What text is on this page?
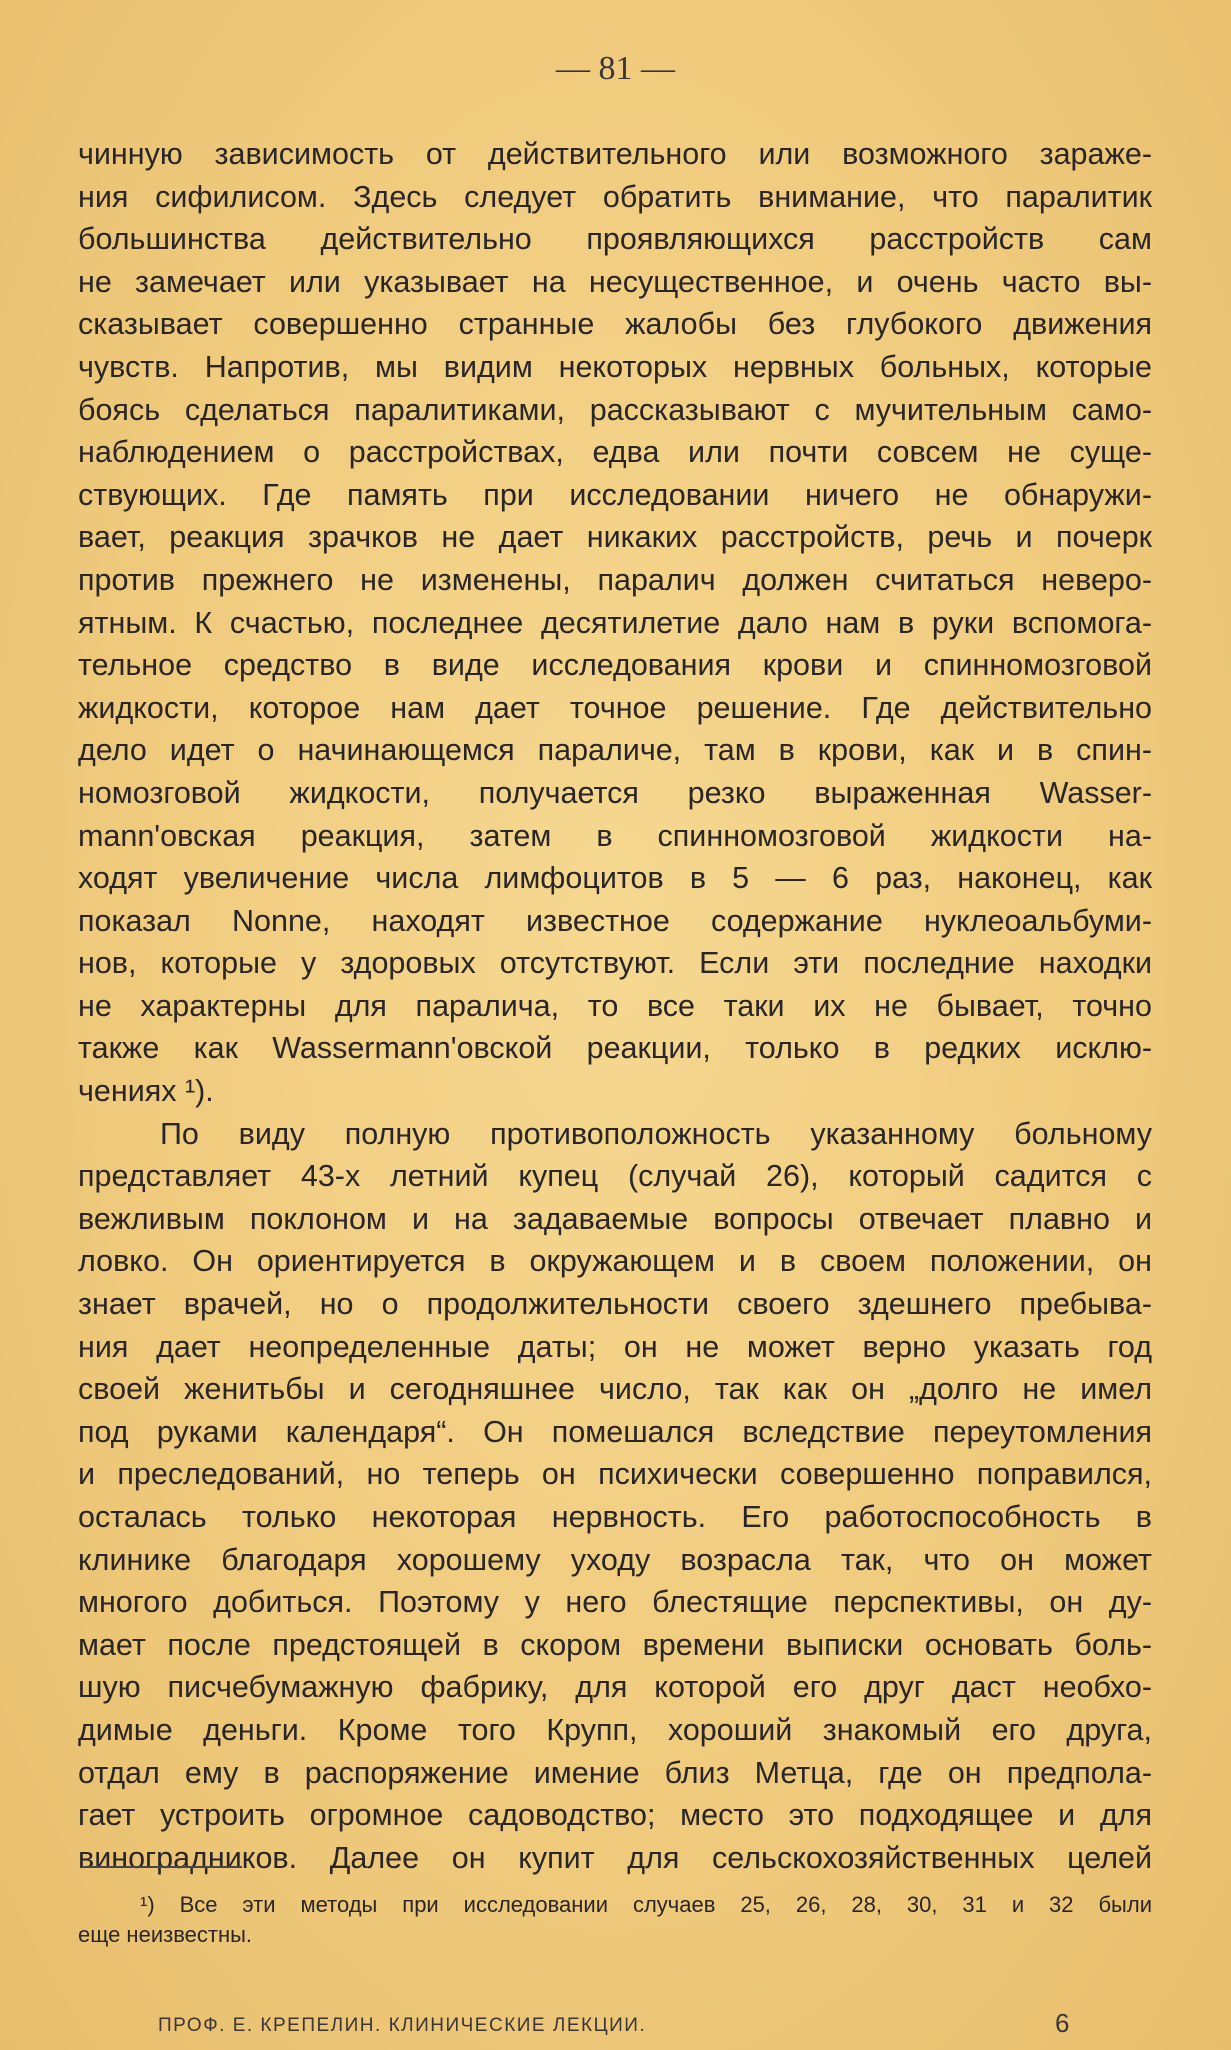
— 81 —
чинную зависимость от действительного или возможного зараже-
ния сифилисом. Здесь следует обратить внимание, что паралитик
большинства действительно проявляющихся расстройств сам
не замечает или указывает на несущественное, и очень часто вы-
сказывает совершенно странные жалобы без глубокого движения
чувств. Напротив, мы видим некоторых нервных больных, которые
боясь сделаться паралитиками, рассказывают с мучительным само-
наблюдением о расстройствах, едва или почти совсем не суще-
ствующих. Где память при исследовании ничего не обнаружи-
вает, реакция зрачков не дает никаких расстройств, речь и почерк
против прежнего не изменены, паралич должен считаться неверо-
ятным. К счастью, последнее десятилетие дало нам в руки вспомога-
тельное средство в виде исследования крови и спинномозговой
жидкости, которое нам дает точное решение. Где действительно
дело идет о начинающемся параличе, там в крови, как и в спин-
номозговой жидкости, получается резко выраженная Wasser-
mann'овская реакция, затем в спинномозговой жидкости на-
ходят увеличение числа лимфоцитов в 5 — 6 раз, наконец, как
показал Nonne, находят известное содержание нуклеоальбуми-
нов, которые у здоровых отсутствуют. Если эти последние находки
не характерны для паралича, то все таки их не бывает, точно
также как Wassermann'овской реакции, только в редких исклю-
чениях ¹).
По виду полную противоположность указанному больному
представляет 43-х летний купец (случай 26), который садится с
вежливым поклоном и на задаваемые вопросы отвечает плавно и
ловко. Он ориентируется в окружающем и в своем положении, он
знает врачей, но о продолжительности своего здешнего пребыва-
ния дает неопределенные даты; он не может верно указать год
своей женитьбы и сегодняшнее число, так как он „долго не имел
под руками календаря“. Он помешался вследствие переутомления
и преследований, но теперь он психически совершенно поправился,
осталась только некоторая нервность. Его работоспособность в
клинике благодаря хорошему уходу возрасла так, что он может
многого добиться. Поэтому у него блестящие перспективы, он ду-
мает после предстоящей в скором времени выписки основать боль-
шую писчебумажную фабрику, для которой его друг даст необхо-
димые деньги. Кроме того Крупп, хороший знакомый его друга,
отдал ему в распоряжение имение близ Метца, где он предпола-
гает устроить огромное садоводство; место это подходящее и для
виноградников. Далее он купит для сельскохозяйственных целей
¹) Все эти методы при исследовании случаев 25, 26, 28, 30, 31 и 32 были
еще неизвестны.
ПРОФ. Е. КРЕПЕЛИН. КЛИНИЧЕСКИЕ ЛЕКЦИИ.	6
